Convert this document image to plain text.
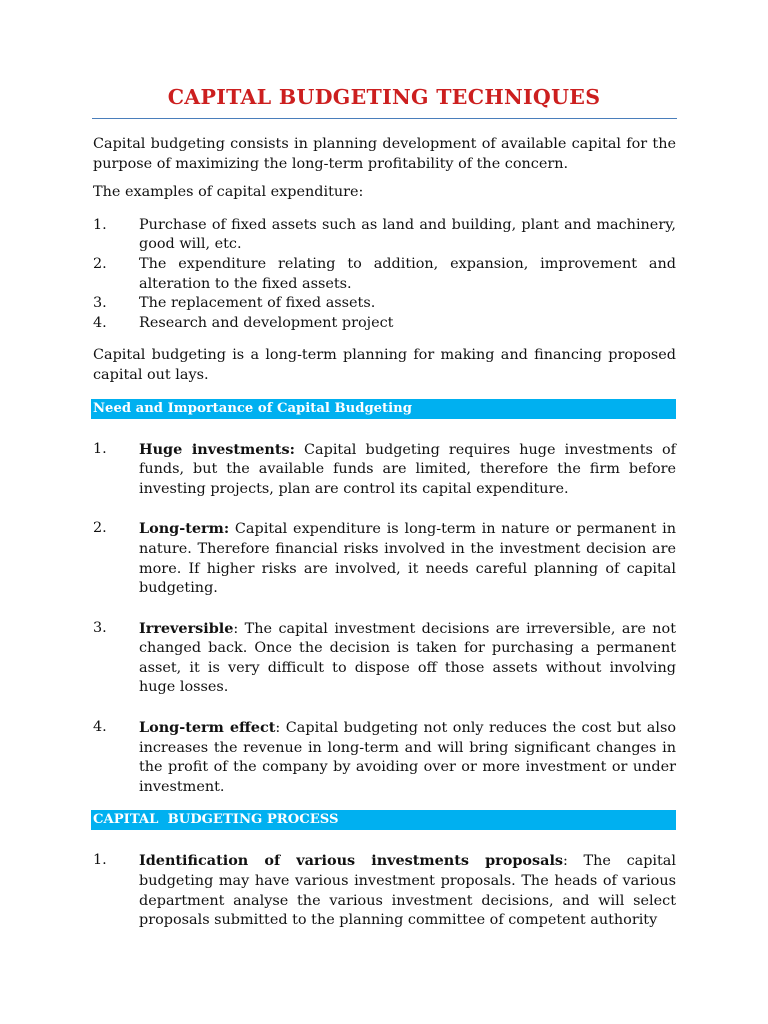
CAPITAL BUDGETING TECHNIQUES

Capital budgeting consists in planning development of available capital for the purpose of maximizing the long-term profitability of the concern.

The examples of capital expenditure:

1. Purchase of fixed assets such as land and building, plant and machinery, good will, etc.
2. The expenditure relating to addition, expansion, improvement and alteration to the fixed assets.
3. The replacement of fixed assets.
4. Research and development project

Capital budgeting is a long-term planning for making and financing proposed capital out lays.

Need and Importance of Capital Budgeting
1. Huge investments: Capital budgeting requires huge investments of funds, but the available funds are limited, therefore the firm before investing projects, plan are control its capital expenditure.
2. Long-term: Capital expenditure is long-term in nature or permanent in nature. Therefore financial risks involved in the investment decision are more. If higher risks are involved, it needs careful planning of capital budgeting.
3. Irreversible: The capital investment decisions are irreversible, are not changed back. Once the decision is taken for purchasing a permanent asset, it is very difficult to dispose off those assets without involving huge losses.
4. Long-term effect: Capital budgeting not only reduces the cost but also increases the revenue in long-term and will bring significant changes in the profit of the company by avoiding over or more investment or under investment.
CAPITAL  BUDGETING PROCESS
1. Identification of various investments proposals: The capital budgeting may have various investment proposals. The heads of various department analyse the various investment decisions, and will select proposals submitted to the planning committee of competent authority
